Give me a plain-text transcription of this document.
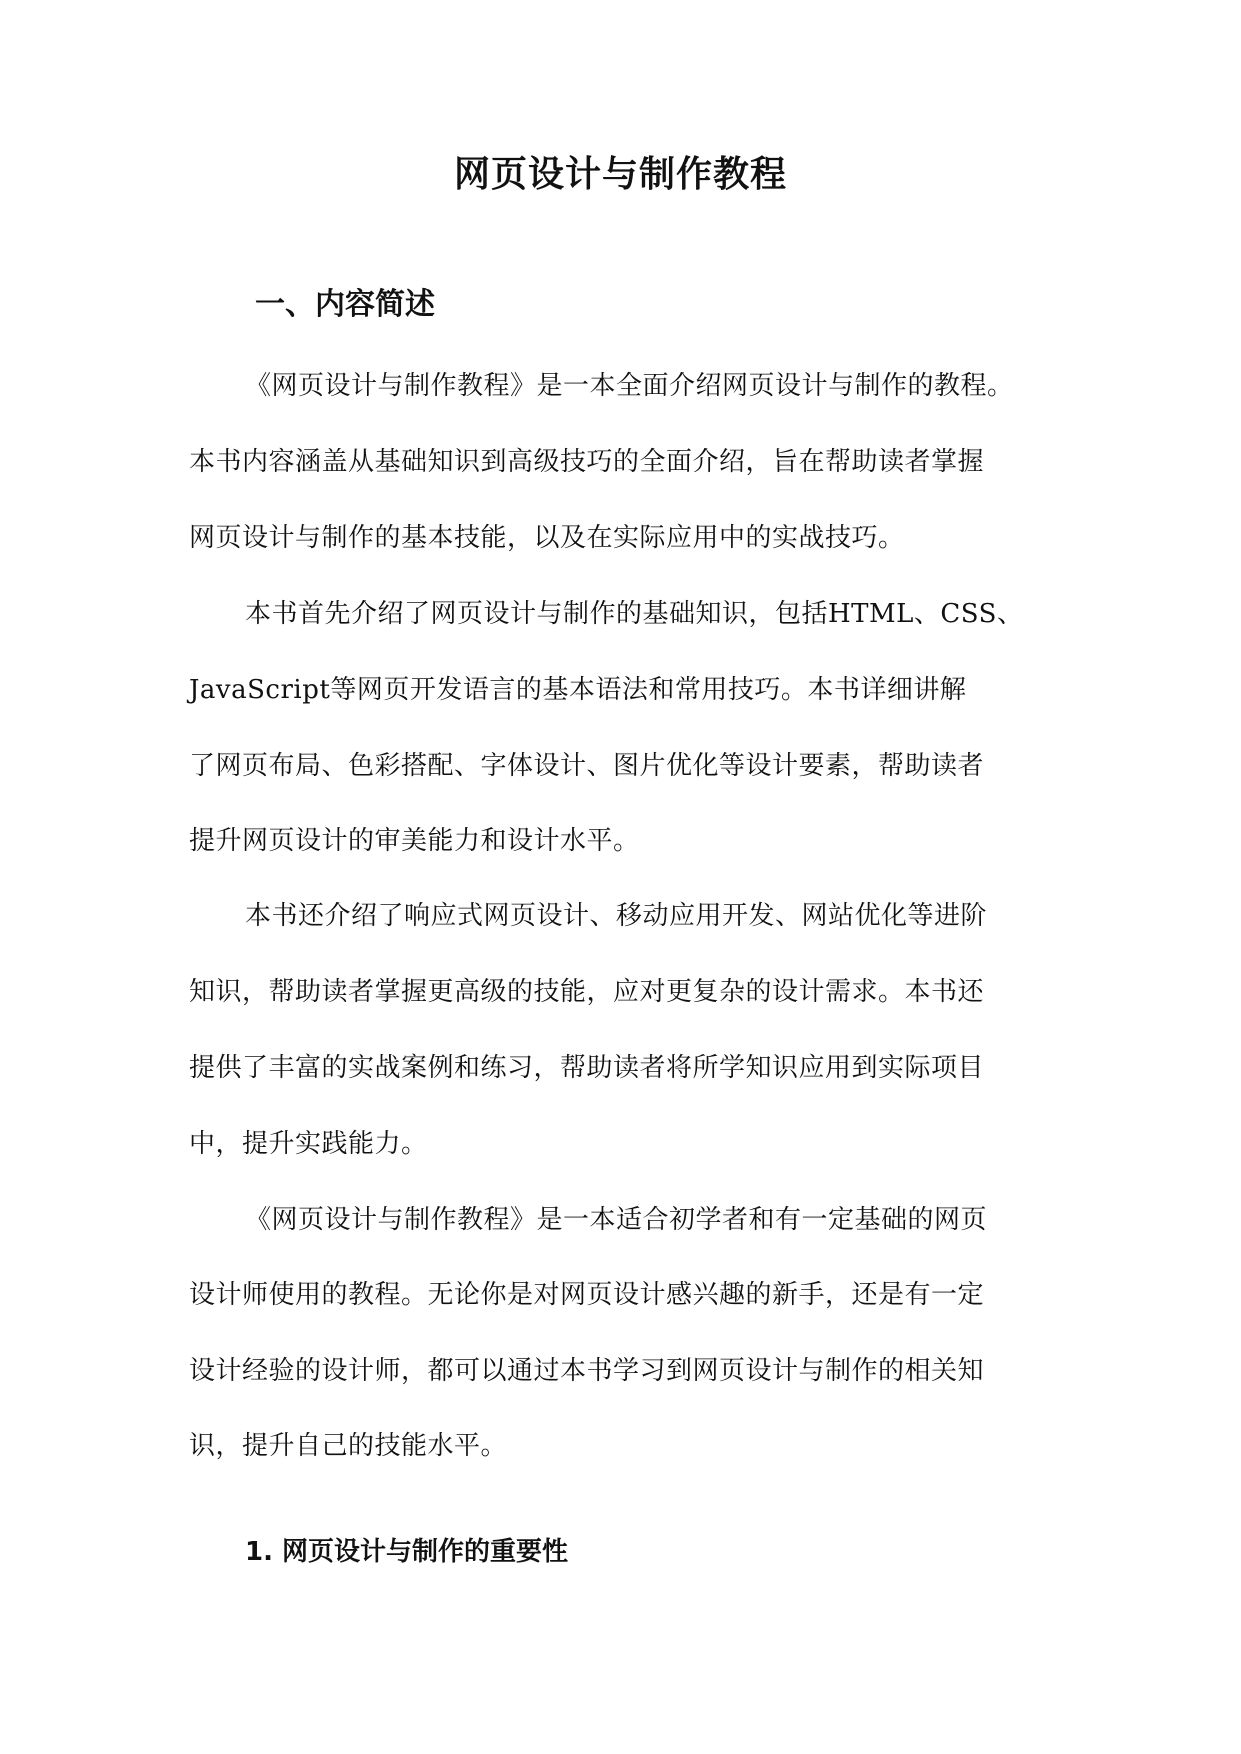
网页设计与制作教程
一、内容简述

《网页设计与制作教程》是一本全面介绍网页设计与制作的教程。

本书内容涵盖从基础知识到高级技巧的全面介绍，旨在帮助读者掌握

网页设计与制作的基本技能，以及在实际应用中的实战技巧。

本书首先介绍了网页设计与制作的基础知识，包括HTML、CSS、

JavaScript等网页开发语言的基本语法和常用技巧。本书详细讲解

了网页布局、色彩搭配、字体设计、图片优化等设计要素，帮助读者

提升网页设计的审美能力和设计水平。

本书还介绍了响应式网页设计、移动应用开发、网站优化等进阶

知识，帮助读者掌握更高级的技能，应对更复杂的设计需求。本书还

提供了丰富的实战案例和练习，帮助读者将所学知识应用到实际项目

中，提升实践能力。

《网页设计与制作教程》是一本适合初学者和有一定基础的网页

设计师使用的教程。无论你是对网页设计感兴趣的新手，还是有一定

设计经验的设计师，都可以通过本书学习到网页设计与制作的相关知

识，提升自己的技能水平。

1. 网页设计与制作的重要性
